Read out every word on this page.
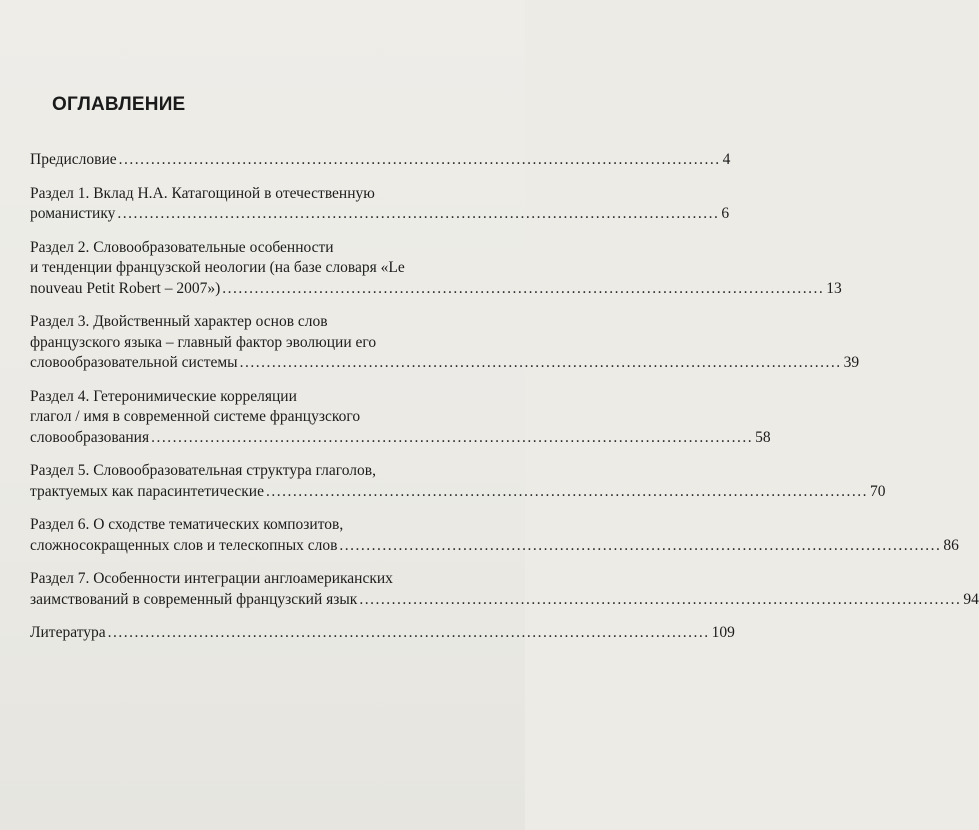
ОГЛАВЛЕНИЕ
Предисловие ................................................................................................................ 4
Раздел 1. Вклад Н.А. Катагощиной в отечественную
романистику ................................................................................................................ 6
Раздел 2. Словообразовательные особенности
и тенденции французской неологии (на базе словаря «Le
nouveau Petit Robert – 2007») ................................................................................................................ 13
Раздел 3. Двойственный характер основ слов
французского языка – главный фактор эволюции его
словообразовательной системы ................................................................................................................ 39
Раздел 4. Гетеронимические корреляции
глагол / имя в современной системе французского
словообразования ................................................................................................................ 58
Раздел 5. Словообразовательная структура глаголов,
трактуемых как парасинтетические ................................................................................................................ 70
Раздел 6. О сходстве тематических композитов,
сложносокращенных слов и телескопных слов ................................................................................................................ 86
Раздел 7. Особенности интеграции англоамериканских
заимствований в современный французский язык ................................................................................................................ 94
Литература ................................................................................................................ 109
